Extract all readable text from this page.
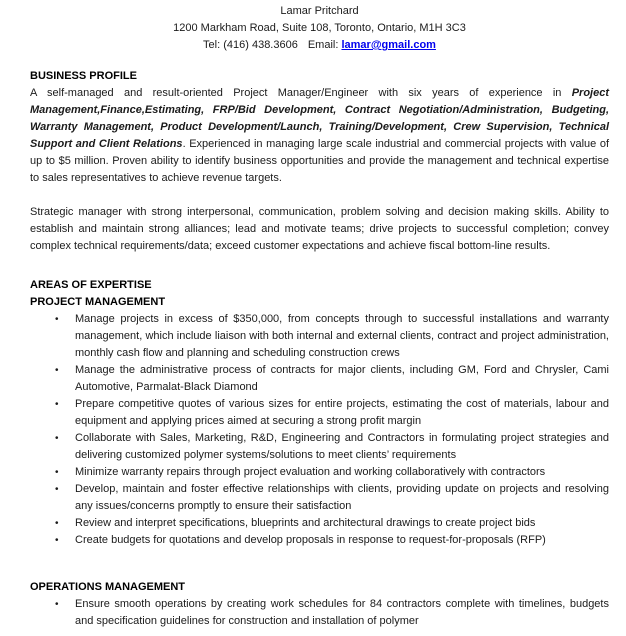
Lamar Pritchard
1200 Markham Road, Suite 108, Toronto, Ontario, M1H 3C3
Tel: (416) 438.3606 Email: lamar@gmail.com
BUSINESS PROFILE
A self-managed and result-oriented Project Manager/Engineer with six years of experience in Project Management,Finance,Estimating, FRP/Bid Development, Contract Negotiation/Administration, Budgeting, Warranty Management, Product Development/Launch, Training/Development, Crew Supervision, Technical Support and Client Relations. Experienced in managing large scale industrial and commercial projects with value of up to $5 million. Proven ability to identify business opportunities and provide the management and technical expertise to sales representatives to achieve revenue targets.
Strategic manager with strong interpersonal, communication, problem solving and decision making skills. Ability to establish and maintain strong alliances; lead and motivate teams; drive projects to successful completion; convey complex technical requirements/data; exceed customer expectations and achieve fiscal bottom-line results.
AREAS OF EXPERTISE
PROJECT MANAGEMENT
•	Manage projects in excess of $350,000, from concepts through to successful installations and warranty management, which include liaison with both internal and external clients, contract and project administration, monthly cash flow and planning and scheduling construction crews
•	Manage the administrative process of contracts for major clients, including GM, Ford and Chrysler, Cami Automotive, Parmalat-Black Diamond
•	Prepare competitive quotes of various sizes for entire projects, estimating the cost of materials, labour and equipment and applying prices aimed at securing a strong profit margin
•	Collaborate with Sales, Marketing, R&D, Engineering and Contractors in formulating project strategies and delivering customized polymer systems/solutions to meet clients’ requirements
•	Minimize warranty repairs through project evaluation and working collaboratively with contractors
•	Develop, maintain and foster effective relationships with clients, providing update on projects and resolving any issues/concerns promptly to ensure their satisfaction
•	Review and interpret specifications, blueprints and architectural drawings to create project bids
•	Create budgets for quotations and develop proposals in response to request-for-proposals (RFP)
OPERATIONS MANAGEMENT
•	Ensure smooth operations by creating work schedules for 84 contractors complete with timelines, budgets and specification guidelines for construction and installation of polymer
